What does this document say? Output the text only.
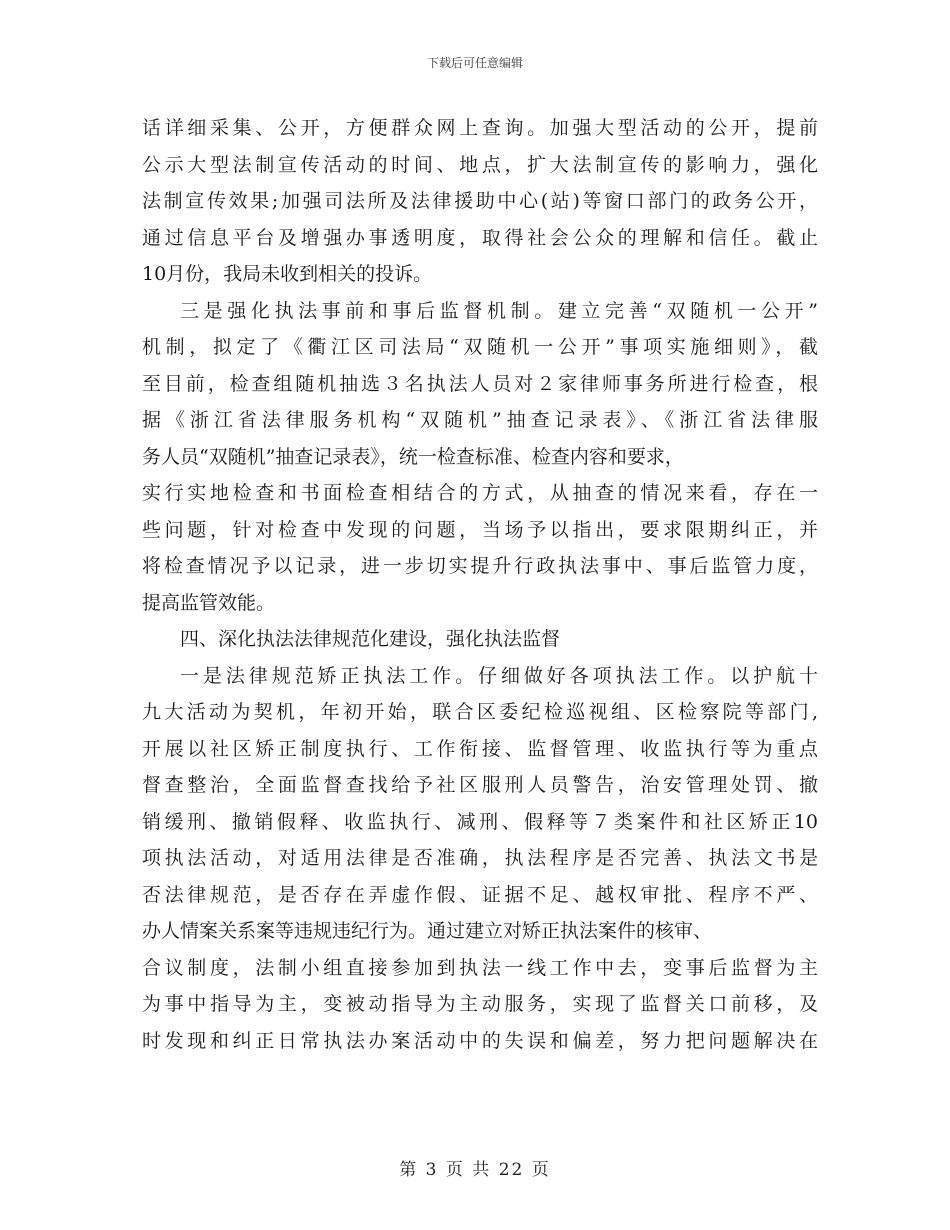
下载后可任意编辑
话详细采集、公开，方便群众网上查询。加强大型活动的公开，提前
公示大型法制宣传活动的时间、地点，扩大法制宣传的影响力，强化
法制宣传效果;加强司法所及法律援助中心(站)等窗口部门的政务公开，
通过信息平台及增强办事透明度，取得社会公众的理解和信任。截止
10月份，我局未收到相关的投诉。
三是强化执法事前和事后监督机制。建立完善“双随机一公开”
机制，拟定了《衢江区司法局“双随机一公开”事项实施细则》，截
至目前，检查组随机抽选３名执法人员对２家律师事务所进行检查，根
据《浙江省法律服务机构“双随机”抽查记录表》、《浙江省法律服
务人员“双随机”抽查记录表》，统一检查标准、检查内容和要求，
实行实地检查和书面检查相结合的方式，从抽查的情况来看，存在一
些问题，针对检查中发现的问题，当场予以指出，要求限期纠正，并
将检查情况予以记录，进一步切实提升行政执法事中、事后监管力度，
提高监管效能。
四、深化执法法律规范化建设，强化执法监督
一是法律规范矫正执法工作。仔细做好各项执法工作。以护航十
九大活动为契机，年初开始，联合区委纪检巡视组、区检察院等部门,
开展以社区矫正制度执行、工作衔接、监督管理、收监执行等为重点
督查整治，全面监督查找给予社区服刑人员警告，治安管理处罚、撤
销缓刑、撤销假释、收监执行、减刑、假释等７类案件和社区矫正10
项执法活动，对适用法律是否准确，执法程序是否完善、执法文书是
否法律规范，是否存在弄虚作假、证据不足、越权审批、程序不严、
办人情案关系案等违规违纪行为。通过建立对矫正执法案件的核审、
合议制度，法制小组直接参加到执法一线工作中去，变事后监督为主
为事中指导为主，变被动指导为主动服务，实现了监督关口前移，及
时发现和纠正日常执法办案活动中的失误和偏差，努力把问题解决在
第 3 页 共 22 页
